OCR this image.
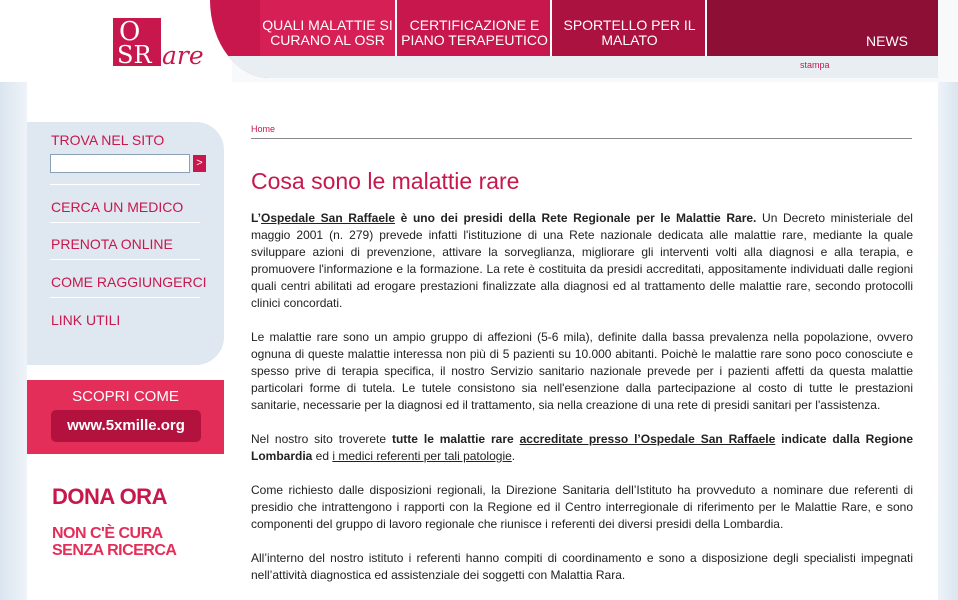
O
SR are
QUALI MALATTIE SI CURANO AL OSR
CERTIFICAZIONE E PIANO TERAPEUTICO
SPORTELLO PER IL MALATO	NEWS
stampa
TROVA NEL SITO
>
CERCA UN MEDICO
PRENOTA ONLINE
COME RAGGIUNGERCI
LINK UTILI
SCOPRI COME
www.5xmille.org
DONA ORA
NON C'È CURA
SENZA RICERCA
Home
Cosa sono le malattie rare

L’Ospedale San Raffaele è uno dei presidi della Rete Regionale per le Malattie Rare. Un Decreto ministeriale del maggio 2001 (n. 279) prevede infatti l'istituzione di una Rete nazionale dedicata alle malattie rare, mediante la quale sviluppare azioni di prevenzione, attivare la sorveglianza, migliorare gli interventi volti alla diagnosi e alla terapia, e promuovere l'informazione e la formazione. La rete è costituita da presidi accreditati, appositamente individuati dalle regioni quali centri abilitati ad erogare prestazioni finalizzate alla diagnosi ed al trattamento delle malattie rare, secondo protocolli clinici concordati.

Le malattie rare sono un ampio gruppo di affezioni (5-6 mila), definite dalla bassa prevalenza nella popolazione, ovvero ognuna di queste malattie interessa non più di 5 pazienti su 10.000 abitanti. Poichè le malattie rare sono poco conosciute e spesso prive di terapia specifica, il nostro Servizio sanitario nazionale prevede per i pazienti affetti da questa malattie particolari forme di tutela. Le tutele consistono sia nell'esenzione dalla partecipazione al costo di tutte le prestazioni sanitarie, necessarie per la diagnosi ed il trattamento, sia nella creazione di una rete di presidi sanitari per l'assistenza.

Nel nostro sito troverete tutte le malattie rare accreditate presso l’Ospedale San Raffaele indicate dalla Regione Lombardia ed i medici referenti per tali patologie.

Come richiesto dalle disposizioni regionali, la Direzione Sanitaria dell’Istituto ha provveduto a nominare due referenti di presidio che intrattengono i rapporti con la Regione ed il Centro interregionale di riferimento per le Malattie Rare, e sono componenti del gruppo di lavoro regionale che riunisce i referenti dei diversi presidi della Lombardia.

All’interno del nostro istituto i referenti hanno compiti di coordinamento e sono a disposizione degli specialisti impegnati nell’attività diagnostica ed assistenziale dei soggetti con Malattia Rara.
